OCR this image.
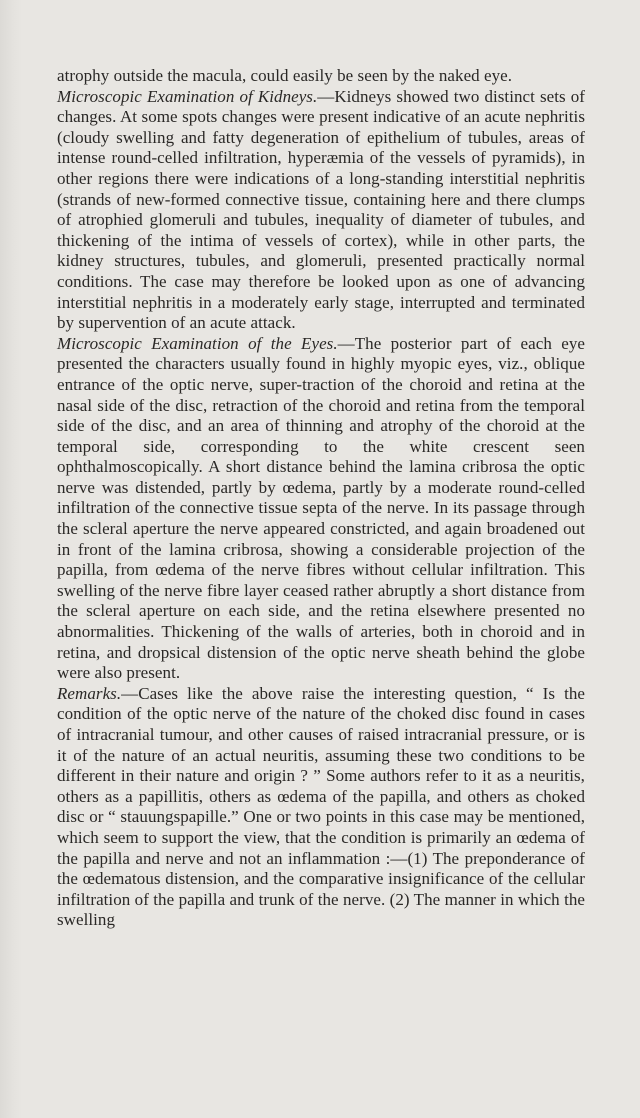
atrophy outside the macula, could easily be seen by the naked eye.

Microscopic Examination of Kidneys.—Kidneys showed two distinct sets of changes. At some spots changes were present indicative of an acute nephritis (cloudy swelling and fatty degeneration of epithelium of tubules, areas of intense round-celled infiltration, hyperæmia of the vessels of pyramids), in other regions there were indications of a long-standing interstitial nephritis (strands of new-formed connective tissue, containing here and there clumps of atrophied glomeruli and tubules, inequality of diameter of tubules, and thickening of the intima of vessels of cortex), while in other parts, the kidney structures, tubules, and glomeruli, presented practically normal conditions. The case may therefore be looked upon as one of advancing interstitial nephritis in a moderately early stage, interrupted and terminated by supervention of an acute attack.

Microscopic Examination of the Eyes.—The posterior part of each eye presented the characters usually found in highly myopic eyes, viz., oblique entrance of the optic nerve, super-traction of the choroid and retina at the nasal side of the disc, retraction of the choroid and retina from the temporal side of the disc, and an area of thinning and atrophy of the choroid at the temporal side, corresponding to the white crescent seen ophthalmoscopically. A short distance behind the lamina cribrosa the optic nerve was distended, partly by œdema, partly by a moderate round-celled infiltration of the connective tissue septa of the nerve. In its passage through the scleral aperture the nerve appeared constricted, and again broadened out in front of the lamina cribrosa, showing a considerable projection of the papilla, from œdema of the nerve fibres without cellular infiltration. This swelling of the nerve fibre layer ceased rather abruptly a short distance from the scleral aperture on each side, and the retina elsewhere presented no abnormalities. Thickening of the walls of arteries, both in choroid and in retina, and dropsical distension of the optic nerve sheath behind the globe were also present.

Remarks.—Cases like the above raise the interesting question, “ Is the condition of the optic nerve of the nature of the choked disc found in cases of intracranial tumour, and other causes of raised intracranial pressure, or is it of the nature of an actual neuritis, assuming these two conditions to be different in their nature and origin ? ” Some authors refer to it as a neuritis, others as a papillitis, others as œdema of the papilla, and others as choked disc or “ stauungspapille.” One or two points in this case may be mentioned, which seem to support the view, that the condition is primarily an œdema of the papilla and nerve and not an inflammation :—(1) The preponderance of the œdematous distension, and the comparative insignificance of the cellular infiltration of the papilla and trunk of the nerve. (2) The manner in which the swelling
